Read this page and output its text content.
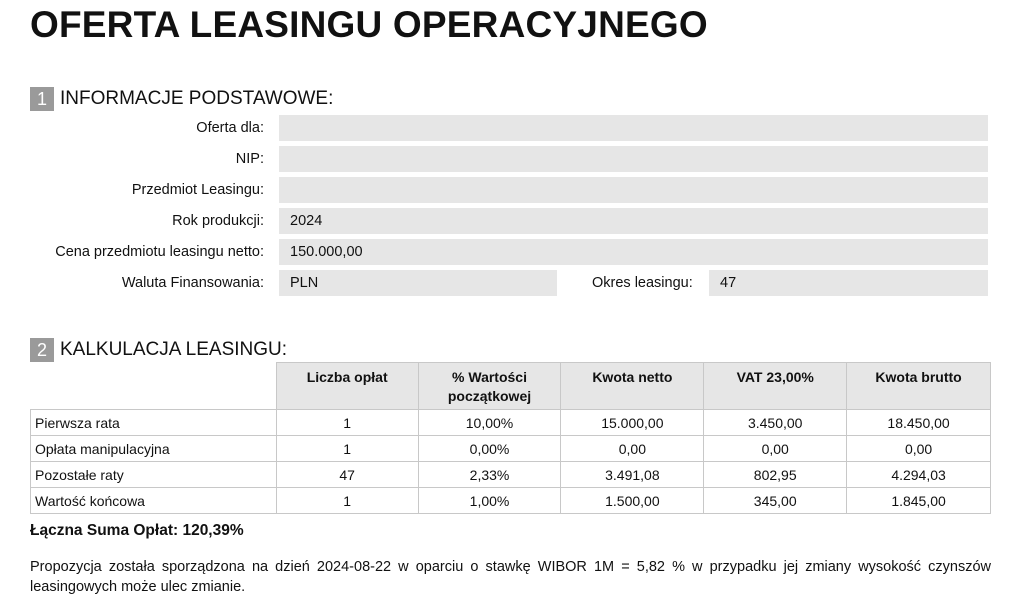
OFERTA LEASINGU OPERACYJNEGO
1 INFORMACJE PODSTAWOWE:
Oferta dla:
NIP:
Przedmiot Leasingu:
Rok produkcji:	2024
Cena przedmiotu leasingu netto:	150.000,00
Waluta Finansowania:	PLN	Okres leasingu:	47
2 KALKULACJA LEASINGU:
	Liczba opłat	% Wartości początkowej	Kwota netto	VAT 23,00%	Kwota brutto
Pierwsza rata	1	10,00%	15.000,00	3.450,00	18.450,00
Opłata manipulacyjna	1	0,00%	0,00	0,00	0,00
Pozostałe raty	47	2,33%	3.491,08	802,95	4.294,03
Wartość końcowa	1	1,00%	1.500,00	345,00	1.845,00
Łączna Suma Opłat: 120,39%
Propozycja została sporządzona na dzień 2024-08-22 w oparciu o stawkę WIBOR 1M = 5,82 % w przypadku jej zmiany wysokość czynszów leasingowych może ulec zmianie.
